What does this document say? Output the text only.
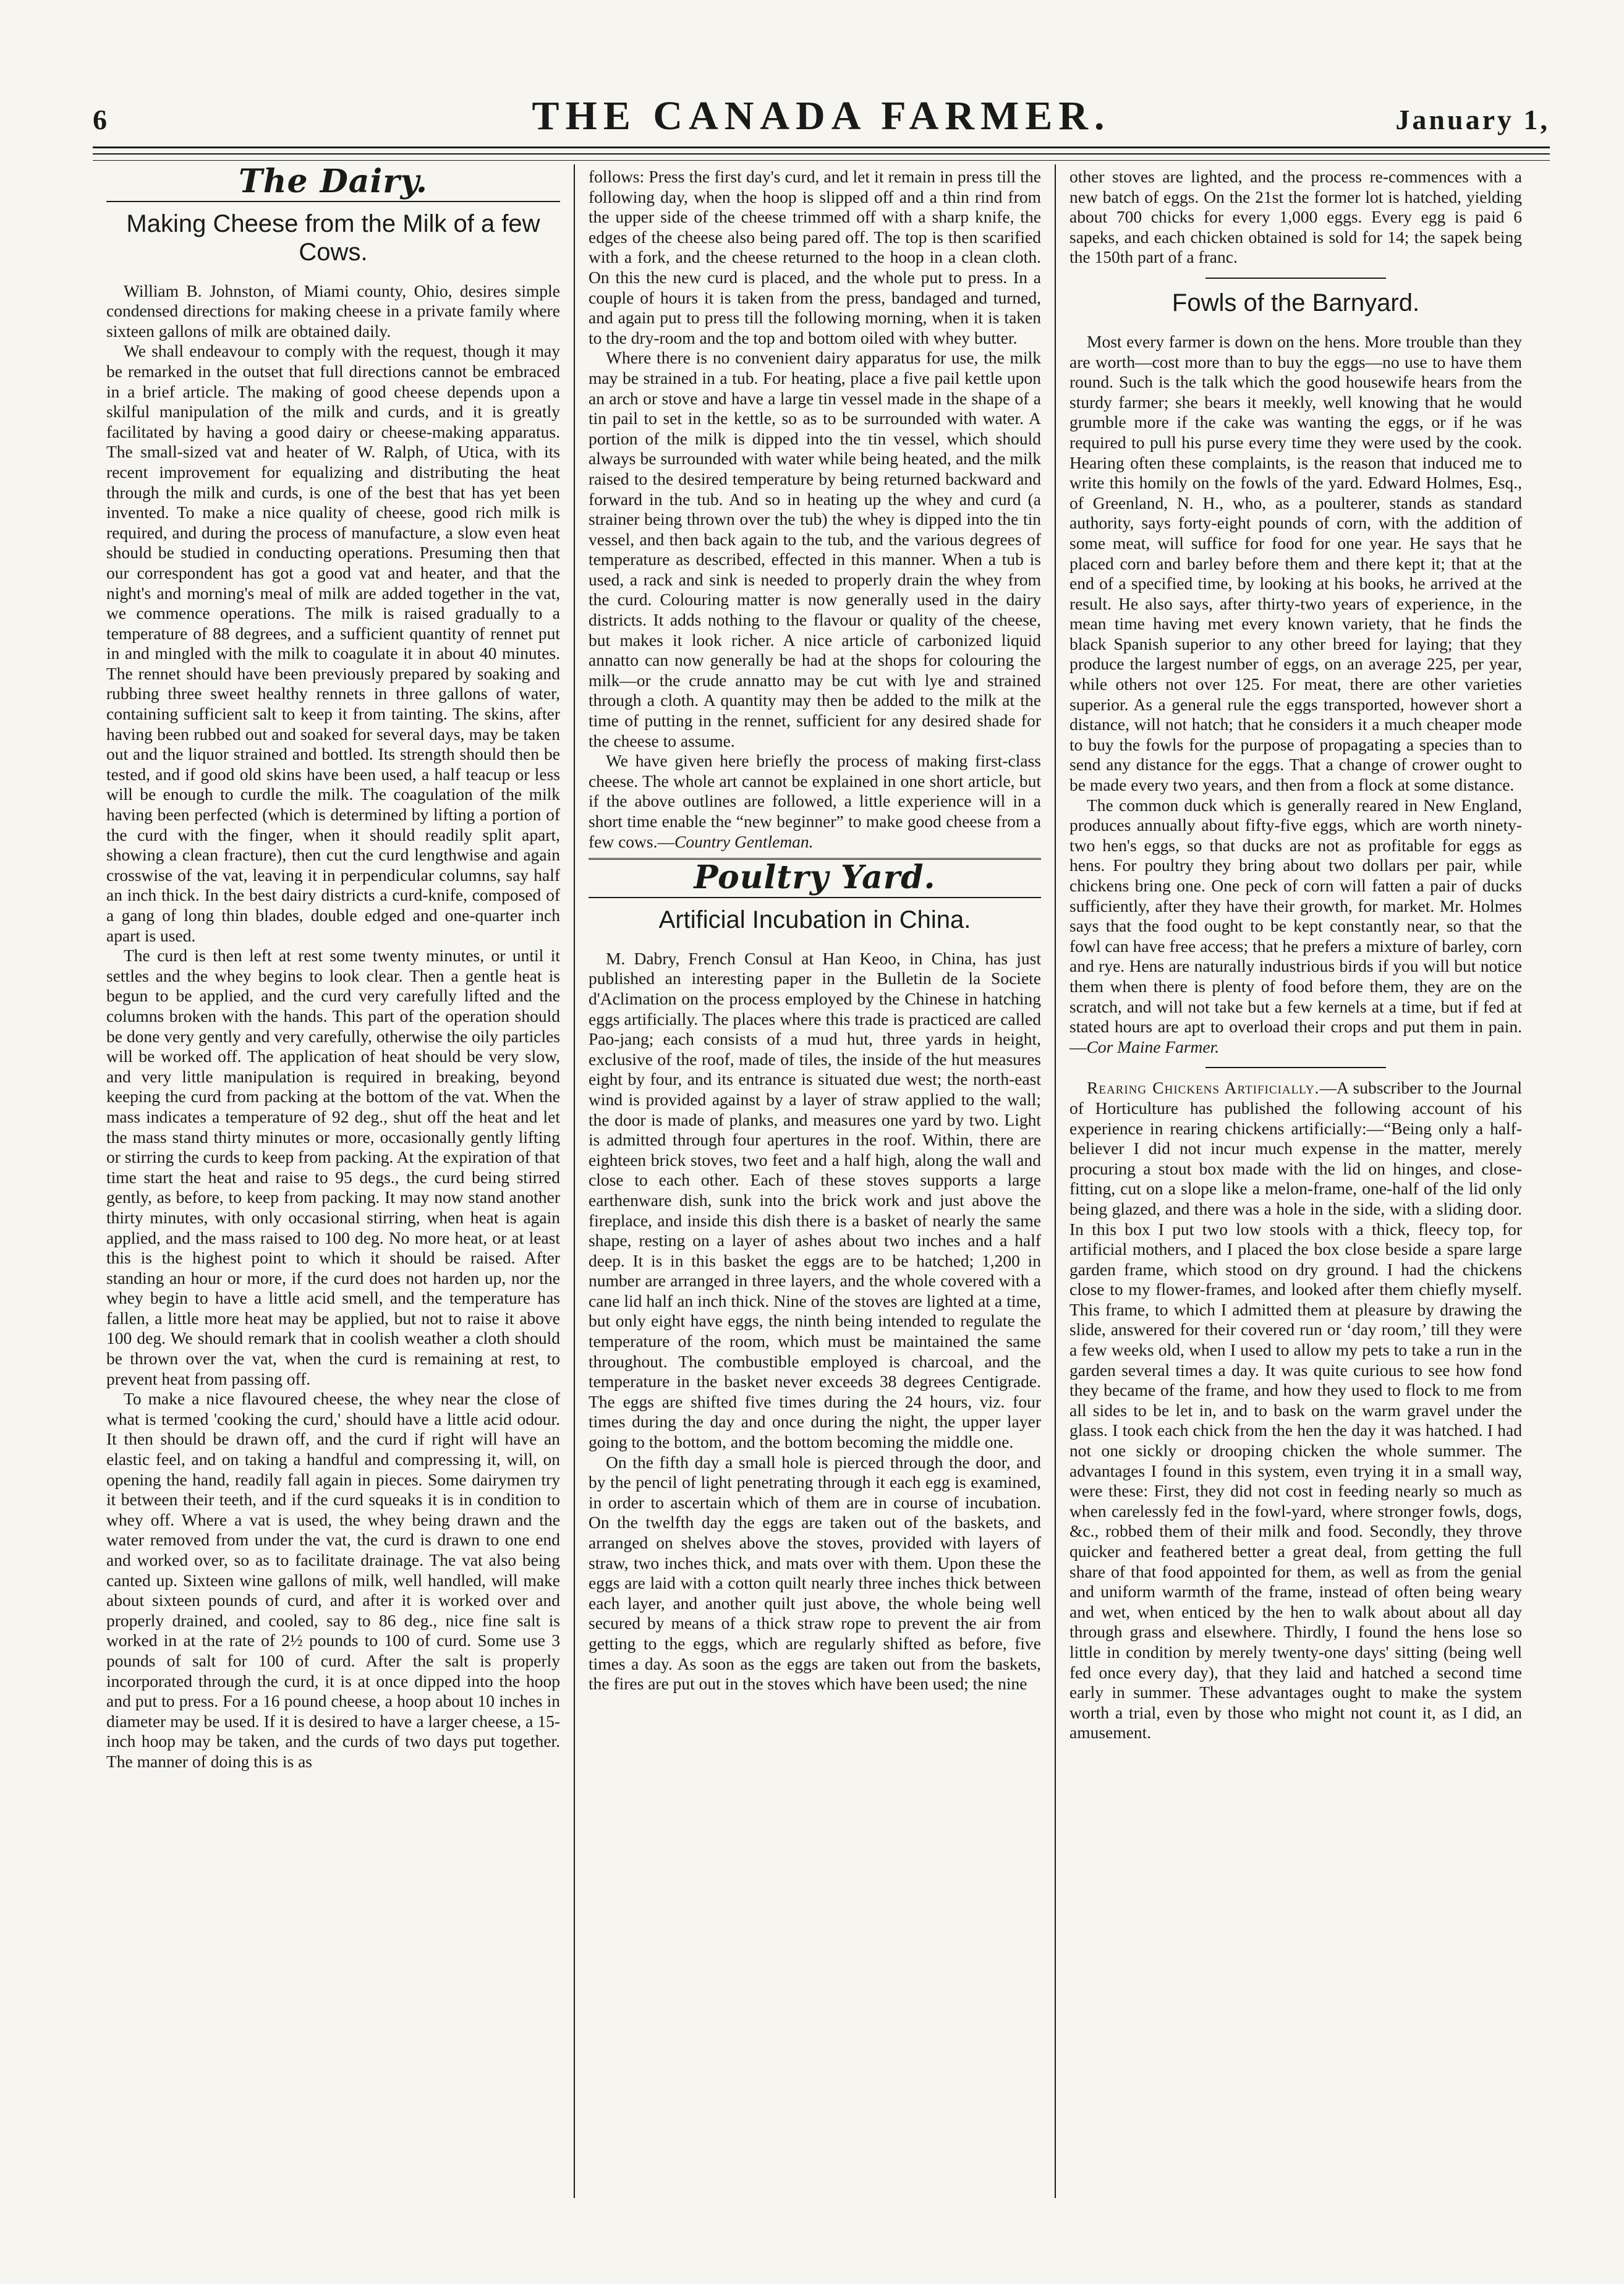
6	THE CANADA FARMER.	January 1,
The Dairy.
Making Cheese from the Milk of a few Cows.

William B. Johnston, of Miami county, Ohio, desires simple condensed directions for making cheese in a private family where sixteen gallons of milk are obtained daily.

We shall endeavour to comply with the request, though it may be remarked in the outset that full directions cannot be embraced in a brief article. The making of good cheese depends upon a skilful manipulation of the milk and curds, and it is greatly facilitated by having a good dairy or cheese-making apparatus. The small-sized vat and heater of W. Ralph, of Utica, with its recent improvement for equalizing and distributing the heat through the milk and curds, is one of the best that has yet been invented. To make a nice quality of cheese, good rich milk is required, and during the process of manufacture, a slow even heat should be studied in conducting operations. Presuming then that our correspondent has got a good vat and heater, and that the night's and morning's meal of milk are added together in the vat, we commence operations. The milk is raised gradually to a temperature of 88 degrees, and a sufficient quantity of rennet put in and mingled with the milk to coagulate it in about 40 minutes. The rennet should have been previously prepared by soaking and rubbing three sweet healthy rennets in three gallons of water, containing sufficient salt to keep it from tainting. The skins, after having been rubbed out and soaked for several days, may be taken out and the liquor strained and bottled. Its strength should then be tested, and if good old skins have been used, a half teacup or less will be enough to curdle the milk. The coagulation of the milk having been perfected (which is determined by lifting a portion of the curd with the finger, when it should readily split apart, showing a clean fracture), then cut the curd lengthwise and again crosswise of the vat, leaving it in perpendicular columns, say half an inch thick. In the best dairy districts a curd-knife, composed of a gang of long thin blades, double edged and one-quarter inch apart is used.

The curd is then left at rest some twenty minutes, or until it settles and the whey begins to look clear. Then a gentle heat is begun to be applied, and the curd very carefully lifted and the columns broken with the hands. This part of the operation should be done very gently and very carefully, otherwise the oily particles will be worked off. The application of heat should be very slow, and very little manipulation is required in breaking, beyond keeping the curd from packing at the bottom of the vat. When the mass indicates a temperature of 92 deg., shut off the heat and let the mass stand thirty minutes or more, occasionally gently lifting or stirring the curds to keep from packing. At the expiration of that time start the heat and raise to 95 degs., the curd being stirred gently, as before, to keep from packing. It may now stand another thirty minutes, with only occasional stirring, when heat is again applied, and the mass raised to 100 deg. No more heat, or at least this is the highest point to which it should be raised. After standing an hour or more, if the curd does not harden up, nor the whey begin to have a little acid smell, and the temperature has fallen, a little more heat may be applied, but not to raise it above 100 deg. We should remark that in coolish weather a cloth should be thrown over the vat, when the curd is remaining at rest, to prevent heat from passing off.

To make a nice flavoured cheese, the whey near the close of what is termed 'cooking the curd,' should have a little acid odour. It then should be drawn off, and the curd if right will have an elastic feel, and on taking a handful and compressing it, will, on opening the hand, readily fall again in pieces. Some dairymen try it between their teeth, and if the curd squeaks it is in condition to whey off. Where a vat is used, the whey being drawn and the water removed from under the vat, the curd is drawn to one end and worked over, so as to facilitate drainage. The vat also being canted up. Sixteen wine gallons of milk, well handled, will make about sixteen pounds of curd, and after it is worked over and properly drained, and cooled, say to 86 deg., nice fine salt is worked in at the rate of 2½ pounds to 100 of curd. Some use 3 pounds of salt for 100 of curd. After the salt is properly incorporated through the curd, it is at once dipped into the hoop and put to press. For a 16 pound cheese, a hoop about 10 inches in diameter may be used. If it is desired to have a larger cheese, a 15-inch hoop may be taken, and the curds of two days put together. The manner of doing this is as

follows: Press the first day's curd, and let it remain in press till the following day, when the hoop is slipped off and a thin rind from the upper side of the cheese trimmed off with a sharp knife, the edges of the cheese also being pared off. The top is then scarified with a fork, and the cheese returned to the hoop in a clean cloth. On this the new curd is placed, and the whole put to press. In a couple of hours it is taken from the press, bandaged and turned, and again put to press till the following morning, when it is taken to the dry-room and the top and bottom oiled with whey butter.

Where there is no convenient dairy apparatus for use, the milk may be strained in a tub. For heating, place a five pail kettle upon an arch or stove and have a large tin vessel made in the shape of a tin pail to set in the kettle, so as to be surrounded with water. A portion of the milk is dipped into the tin vessel, which should always be surrounded with water while being heated, and the milk raised to the desired temperature by being returned backward and forward in the tub. And so in heating up the whey and curd (a strainer being thrown over the tub) the whey is dipped into the tin vessel, and then back again to the tub, and the various degrees of temperature as described, effected in this manner. When a tub is used, a rack and sink is needed to properly drain the whey from the curd. Colouring matter is now generally used in the dairy districts. It adds nothing to the flavour or quality of the cheese, but makes it look richer. A nice article of carbonized liquid annatto can now generally be had at the shops for colouring the milk—or the crude annatto may be cut with lye and strained through a cloth. A quantity may then be added to the milk at the time of putting in the rennet, sufficient for any desired shade for the cheese to assume.

We have given here briefly the process of making first-class cheese. The whole art cannot be explained in one short article, but if the above outlines are followed, a little experience will in a short time enable the “new beginner” to make good cheese from a few cows.—Country Gentleman.

Poultry Yard.
Artificial Incubation in China.

M. Dabry, French Consul at Han Keoo, in China, has just published an interesting paper in the Bulletin de la Societe d'Aclimation on the process employed by the Chinese in hatching eggs artificially. The places where this trade is practiced are called Pao-jang; each consists of a mud hut, three yards in height, exclusive of the roof, made of tiles, the inside of the hut measures eight by four, and its entrance is situated due west; the north-east wind is provided against by a layer of straw applied to the wall; the door is made of planks, and measures one yard by two. Light is admitted through four apertures in the roof. Within, there are eighteen brick stoves, two feet and a half high, along the wall and close to each other. Each of these stoves supports a large earthenware dish, sunk into the brick work and just above the fireplace, and inside this dish there is a basket of nearly the same shape, resting on a layer of ashes about two inches and a half deep. It is in this basket the eggs are to be hatched; 1,200 in number are arranged in three layers, and the whole covered with a cane lid half an inch thick. Nine of the stoves are lighted at a time, but only eight have eggs, the ninth being intended to regulate the temperature of the room, which must be maintained the same throughout. The combustible employed is charcoal, and the temperature in the basket never exceeds 38 degrees Centigrade. The eggs are shifted five times during the 24 hours, viz. four times during the day and once during the night, the upper layer going to the bottom, and the bottom becoming the middle one.

On the fifth day a small hole is pierced through the door, and by the pencil of light penetrating through it each egg is examined, in order to ascertain which of them are in course of incubation. On the twelfth day the eggs are taken out of the baskets, and arranged on shelves above the stoves, provided with layers of straw, two inches thick, and mats over with them. Upon these the eggs are laid with a cotton quilt nearly three inches thick between each layer, and another quilt just above, the whole being well secured by means of a thick straw rope to prevent the air from getting to the eggs, which are regularly shifted as before, five times a day. As soon as the eggs are taken out from the baskets, the fires are put out in the stoves which have been used; the nine

other stoves are lighted, and the process re-commences with a new batch of eggs. On the 21st the former lot is hatched, yielding about 700 chicks for every 1,000 eggs. Every egg is paid 6 sapeks, and each chicken obtained is sold for 14; the sapek being the 150th part of a franc.

Fowls of the Barnyard.

Most every farmer is down on the hens. More trouble than they are worth—cost more than to buy the eggs—no use to have them round. Such is the talk which the good housewife hears from the sturdy farmer; she bears it meekly, well knowing that he would grumble more if the cake was wanting the eggs, or if he was required to pull his purse every time they were used by the cook. Hearing often these complaints, is the reason that induced me to write this homily on the fowls of the yard. Edward Holmes, Esq., of Greenland, N. H., who, as a poulterer, stands as standard authority, says forty-eight pounds of corn, with the addition of some meat, will suffice for food for one year. He says that he placed corn and barley before them and there kept it; that at the end of a specified time, by looking at his books, he arrived at the result. He also says, after thirty-two years of experience, in the mean time having met every known variety, that he finds the black Spanish superior to any other breed for laying; that they produce the largest number of eggs, on an average 225, per year, while others not over 125. For meat, there are other varieties superior. As a general rule the eggs transported, however short a distance, will not hatch; that he considers it a much cheaper mode to buy the fowls for the purpose of propagating a species than to send any distance for the eggs. That a change of crower ought to be made every two years, and then from a flock at some distance.

The common duck which is generally reared in New England, produces annually about fifty-five eggs, which are worth ninety-two hen's eggs, so that ducks are not as profitable for eggs as hens. For poultry they bring about two dollars per pair, while chickens bring one. One peck of corn will fatten a pair of ducks sufficiently, after they have their growth, for market. Mr. Holmes says that the food ought to be kept constantly near, so that the fowl can have free access; that he prefers a mixture of barley, corn and rye. Hens are naturally industrious birds if you will but notice them when there is plenty of food before them, they are on the scratch, and will not take but a few kernels at a time, but if fed at stated hours are apt to overload their crops and put them in pain.—Cor Maine Farmer.

Rearing Chickens Artificially.—A subscriber to the Journal of Horticulture has published the following account of his experience in rearing chickens artificially:—“Being only a half-believer I did not incur much expense in the matter, merely procuring a stout box made with the lid on hinges, and close-fitting, cut on a slope like a melon-frame, one-half of the lid only being glazed, and there was a hole in the side, with a sliding door. In this box I put two low stools with a thick, fleecy top, for artificial mothers, and I placed the box close beside a spare large garden frame, which stood on dry ground. I had the chickens close to my flower-frames, and looked after them chiefly myself. This frame, to which I admitted them at pleasure by drawing the slide, answered for their covered run or ‘day room,’ till they were a few weeks old, when I used to allow my pets to take a run in the garden several times a day. It was quite curious to see how fond they became of the frame, and how they used to flock to me from all sides to be let in, and to bask on the warm gravel under the glass. I took each chick from the hen the day it was hatched. I had not one sickly or drooping chicken the whole summer. The advantages I found in this system, even trying it in a small way, were these: First, they did not cost in feeding nearly so much as when carelessly fed in the fowl-yard, where stronger fowls, dogs, &c., robbed them of their milk and food. Secondly, they throve quicker and feathered better a great deal, from getting the full share of that food appointed for them, as well as from the genial and uniform warmth of the frame, instead of often being weary and wet, when enticed by the hen to walk about about all day through grass and elsewhere. Thirdly, I found the hens lose so little in condition by merely twenty-one days' sitting (being well fed once every day), that they laid and hatched a second time early in summer. These advantages ought to make the system worth a trial, even by those who might not count it, as I did, an amusement.
